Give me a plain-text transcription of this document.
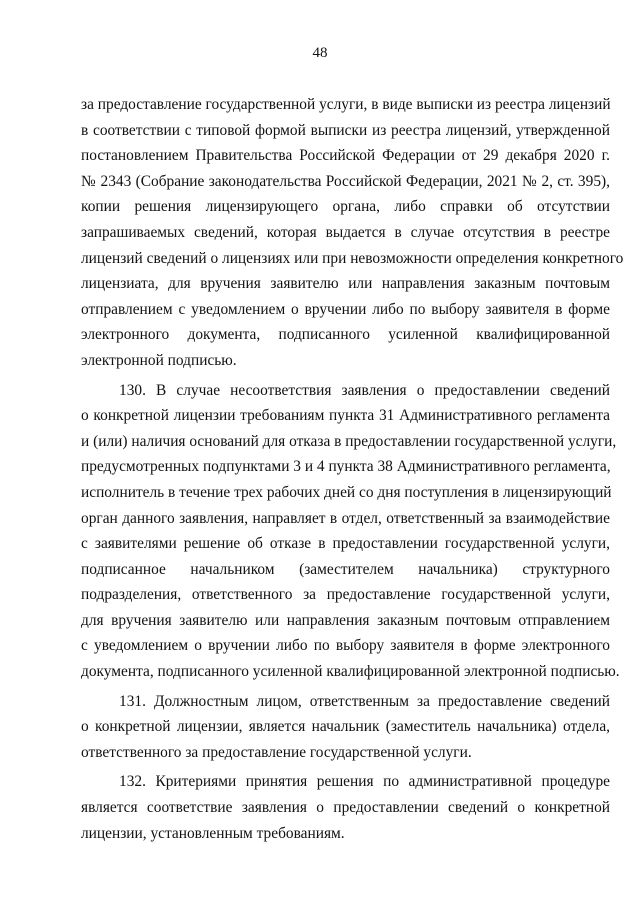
48
за предоставление государственной услуги, в виде выписки из реестра лицензий
в соответствии с типовой формой выписки из реестра лицензий, утвержденной
постановлением Правительства Российской Федерации от 29 декабря 2020 г.
№ 2343 (Собрание законодательства Российской Федерации, 2021 № 2, ст. 395),
копии решения лицензирующего органа, либо справки об отсутствии
запрашиваемых сведений, которая выдается в случае отсутствия в реестре
лицензий сведений о лицензиях или при невозможности определения конкретного
лицензиата, для вручения заявителю или направления заказным почтовым
отправлением с уведомлением о вручении либо по выбору заявителя в форме
электронного документа, подписанного усиленной квалифицированной
электронной подписью.
130. В случае несоответствия заявления о предоставлении сведений
о конкретной лицензии требованиям пункта 31 Административного регламента
и (или) наличия оснований для отказа в предоставлении государственной услуги,
предусмотренных подпунктами 3 и 4 пункта 38 Административного регламента,
исполнитель в течение трех рабочих дней со дня поступления в лицензирующий
орган данного заявления, направляет в отдел, ответственный за взаимодействие
с заявителями решение об отказе в предоставлении государственной услуги,
подписанное начальником (заместителем начальника) структурного
подразделения, ответственного за предоставление государственной услуги,
для вручения заявителю или направления заказным почтовым отправлением
с уведомлением о вручении либо по выбору заявителя в форме электронного
документа, подписанного усиленной квалифицированной электронной подписью.
131. Должностным лицом, ответственным за предоставление сведений
о конкретной лицензии, является начальник (заместитель начальника) отдела,
ответственного за предоставление государственной услуги.
132. Критериями принятия решения по административной процедуре
является соответствие заявления о предоставлении сведений о конкретной
лицензии, установленным требованиям.
